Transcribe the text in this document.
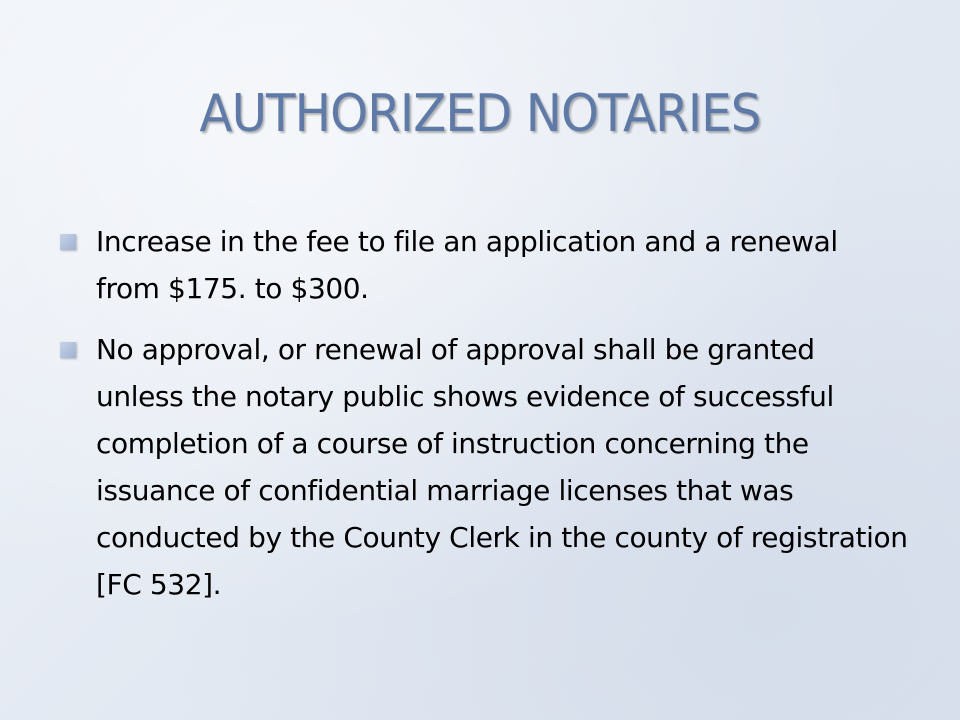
AUTHORIZED NOTARIES
Increase in the fee to file an application and a renewal from $175. to $300.
No approval, or renewal of approval shall be granted unless the notary public shows evidence of successful completion of a course of instruction concerning the issuance of confidential marriage licenses that was conducted by the County Clerk in the county of registration [FC 532].
